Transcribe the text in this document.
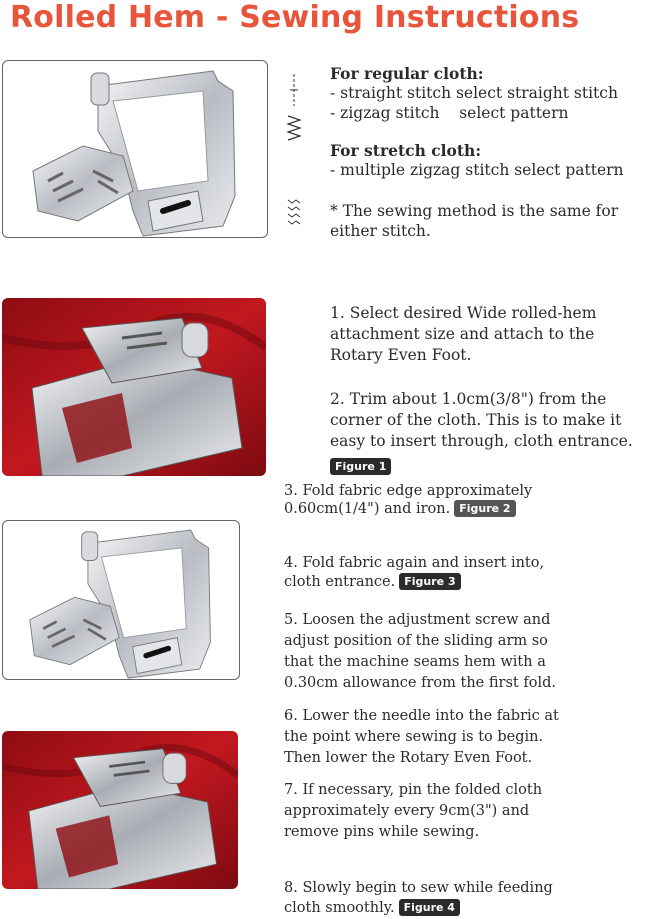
Rolled Hem - Sewing Instructions
For regular cloth:
- straight stitch select straight stitch
- zigzag stitch    select pattern
For stretch cloth:
- multiple zigzag stitch select pattern
* The sewing method is the same for
either stitch.
1. Select desired Wide rolled-hem
attachment size and attach to the
Rotary Even Foot.
2. Trim about 1.0cm(3/8") from the
corner of the cloth. This is to make it
easy to insert through, cloth entrance.
Figure 1
3. Fold fabric edge approximately
0.60cm(1/4") and iron. Figure 2
4. Fold fabric again and insert into,
cloth entrance. Figure 3
5. Loosen the adjustment screw and
adjust position of the sliding arm so
that the machine seams hem with a
0.30cm allowance from the first fold.
6. Lower the needle into the fabric at
the point where sewing is to begin.
Then lower the Rotary Even Foot.
7. If necessary, pin the folded cloth
approximately every 9cm(3") and
remove pins while sewing.
8. Slowly begin to sew while feeding
cloth smoothly. Figure 4
